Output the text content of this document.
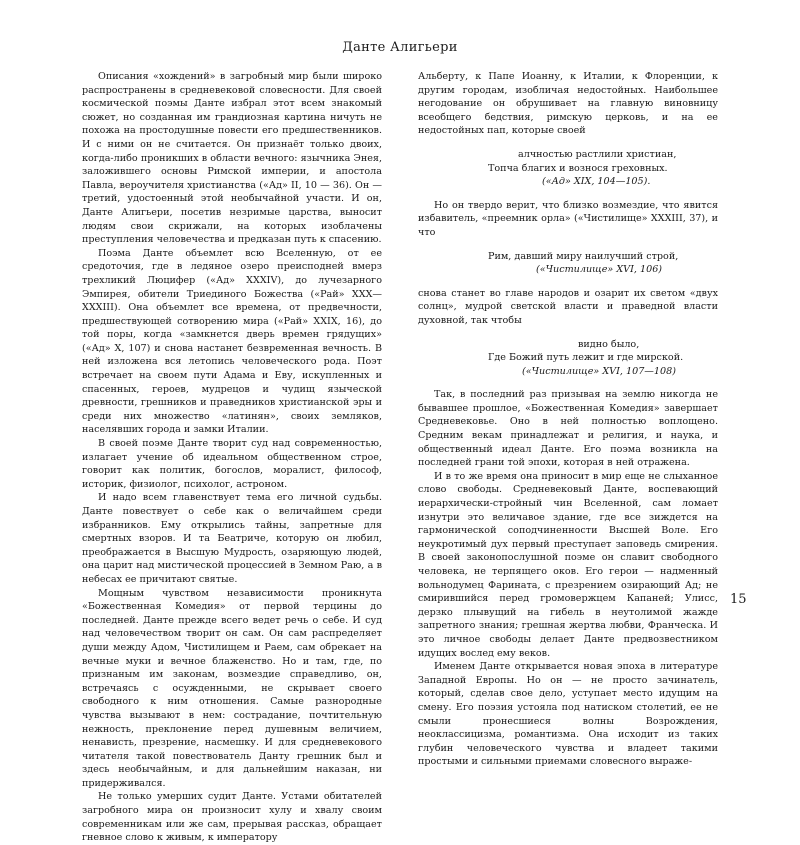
Данте Алигьери

Описания «хождений» в загробный мир были широко распространены в средневековой словесности. Для своей космической поэмы Данте избрал этот всем знакомый сюжет, но созданная им грандиозная картина ничуть не похожа на простодушные повести его предшественников. И с ними он не считается. Он признаёт только двоих, когда-либо проникших в области вечного: язычника Энея, заложившего основы Римской империи, и апостола Павла, вероучителя христианства («Ад» II, 10 — 36). Он — третий, удостоенный этой необычайной участи. И он, Данте Алигьери, посетив незримые царства, выносит людям свои скрижали, на которых изоблачены преступления человечества и предказан путь к спасению.

Поэма Данте объемлет всю Вселенную, от ее средоточия, где в ледяное озеро преисподней вмерз трехликий Люцифер («Ад» XXXIV), до лучезарного Эмпирея, обители Триединого Божества («Рай» XXX—XXXIII). Она объемлет все времена, от предвечности, предшествующей сотворению мира («Рай» XXIX, 16), до той поры, когда «замкнется дверь времен грядущих» («Ад» X, 107) и снова настанет безвременная вечность. В ней изложена вся летопись человеческого рода. Поэт встречает на своем пути Адама и Еву, искупленных и спасенных, героев, мудрецов и чудищ языческой древности, грешников и праведников христианской эры и среди них множество «латинян», своих земляков, населявших города и замки Италии.

В своей поэме Данте творит суд над современностью, излагает учение об идеальном общественном строе, говорит как политик, богослов, моралист, философ, историк, физиолог, психолог, астроном.

И надо всем главенствует тема его личной судьбы. Данте повествует о себе как о величайшем среди избранников. Ему открылись тайны, запретные для смертных взоров. И та Беатриче, которую он любил, преображается в Высшую Мудрость, озаряющую людей, она царит над мистической процессией в Земном Раю, а в небесах ее причитают святые.

Мощным чувством независимости проникнута «Божественная Комедия» от первой терцины до последней. Данте прежде всего ведет речь о себе. И суд над человечеством творит он сам. Он сам распределяет души между Адом, Чистилищем и Раем, сам обрекает на вечные муки и вечное блаженство. Но и там, где, по признаным им законам, возмездие справедливо, он, встречаясь с осужденными, не скрывает своего свободного к ним отношения. Самые разнородные чувства вызывают в нем: сострадание, почтительную нежность, преклонение перед душевным величием, ненависть, презрение, насмешку. И для средневекового читателя такой повествователь Данту грешник был и здесь необычайным, и для дальнейшим наказан, ни придерживался.

Не только умерших судит Данте. Устами обитателей загробного мира он произносит хулу и хвалу своим современникам или же сам, прерывая рассказ, обращает гневное слово к живым, к императору

Альберту, к Папе Иоанну, к Италии, к Флоренции, к другим городам, изобличая недостойных. Наибольшее негодование он обрушивает на главную виновницу всеобщего бедствия, римскую церковь, и на ее недостойных пап, которые своей

алчностью растлили христиан,

Топча благих и вознося греховных.

(«Ад» XIX, 104—105).

Но он твердо верит, что близко возмездие, что явится избавитель, «преемник орла» («Чистилище» XXXIII, 37), и что

Рим, давший миру наилучший строй,

(«Чистилище» XVI, 106)

снова станет во главе народов и озарит их светом «двух солнц», мудрой светской власти и праведной власти духовной, так чтобы

видно было,

Где Божий путь лежит и где мирской.

(«Чистилище» XVI, 107—108)

Так, в последний раз призывая на землю никогда не бывавшее прошлое, «Божественная Комедия» завершает Средневековье. Оно в ней полностью воплощено. Средним векам принадлежат и религия, и наука, и общественный идеал Данте. Его поэма возникла на последней грани той эпохи, которая в ней отражена.

И в то же время она приносит в мир еще не слыханное слово свободы. Средневековый Данте, воспевающий иерархически-стройный чин Вселенной, сам ломает изнутри это величавое здание, где все зиждется на гармонической соподчиненности Высшей Воле. Его неукротимый дух первый преступает заповедь смирения. В своей законопослушной поэме он славит свободного человека, не терпящего оков. Его герои — надменный вольнодумец Фарината, с презрением озирающий Ад; не смирившийся перед громовержцем Капаней; Улисс, дерзко плывущий на гибель в неутолимой жажде запретного знания; грешная жертва любви, Франческа. И это личное свободы делает Данте предвозвестником идущих вослед ему веков.

Именем Данте открывается новая эпоха в литературе Западной Европы. Но он — не просто зачинатель, который, сделав свое дело, уступает место идущим на смену. Его поэзия устояла под натиском столетий, ее не смыли пронесшиеся волны Возрождения, неоклассицизма, романтизма. Она исходит из таких глубин человеческого чувства и владеет такими простыми и сильными приемами словесного выраже-

15
